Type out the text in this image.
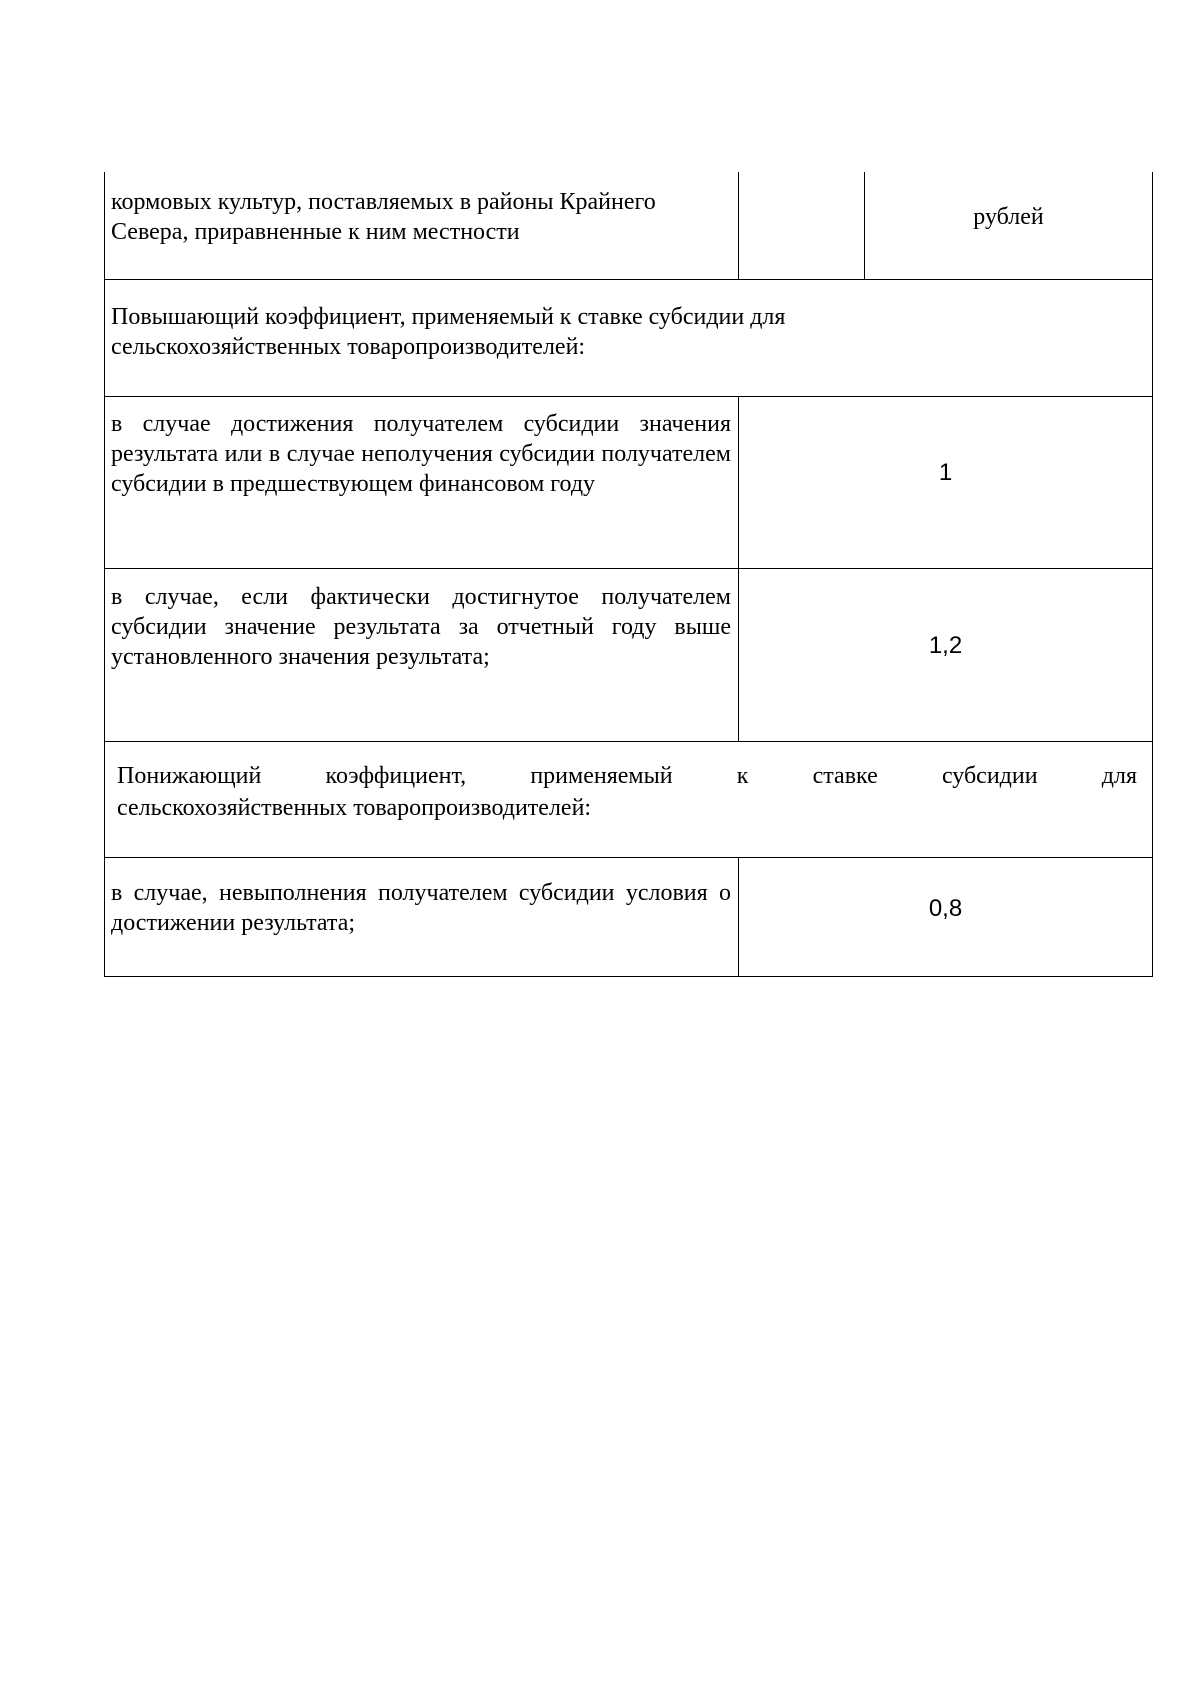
кормовых культур, поставляемых в районы Крайнего Севера, приравненные к ним местности
рублей
Повышающий коэффициент, применяемый к ставке субсидии для сельскохозяйственных товаропроизводителей:
в случае достижения получателем субсидии значения результата или в случае неполучения субсидии получателем субсидии в предшествующем финансовом году	1
в случае, если фактически достигнутое получателем субсидии значение результата за отчетный году выше установленного значения результата;	1,2
Понижающий коэффициент, применяемый к ставке субсидии для
сельскохозяйственных товаропроизводителей:
в случае, невыполнения получателем субсидии условия о достижении результата;
0,8
